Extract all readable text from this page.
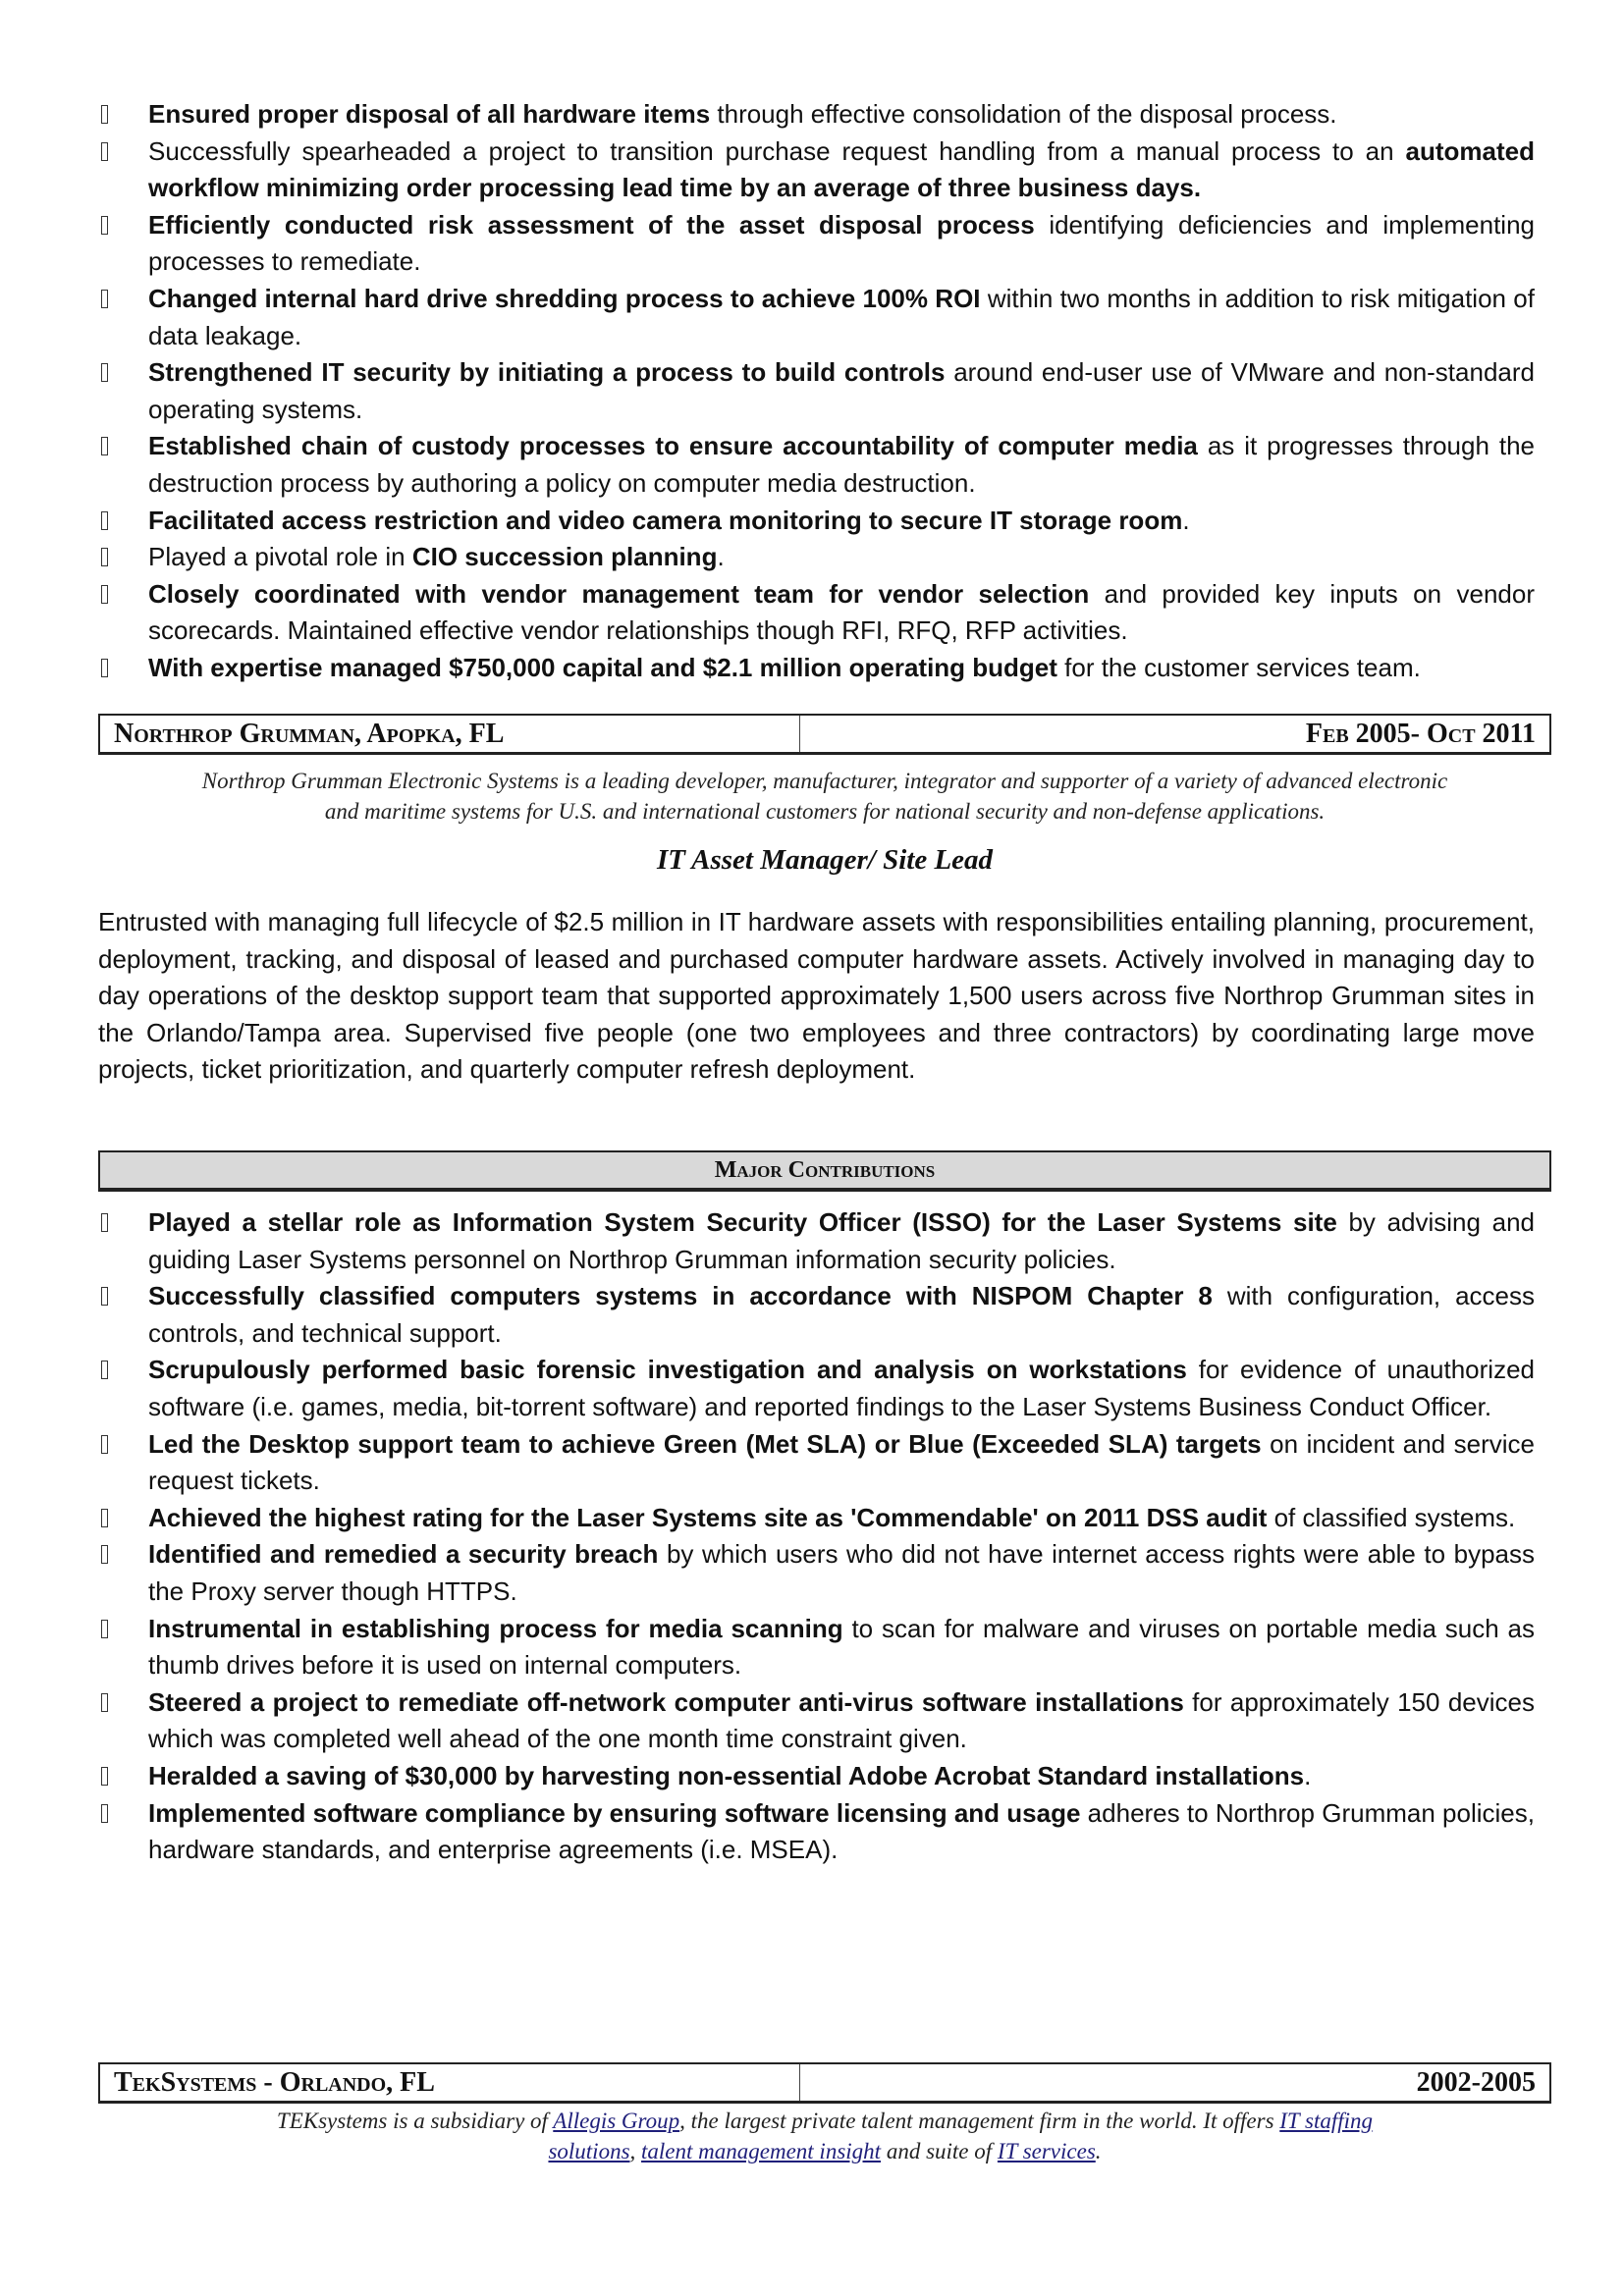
Ensured proper disposal of all hardware items through effective consolidation of the disposal process.
Successfully spearheaded a project to transition purchase request handling from a manual process to an automated workflow minimizing order processing lead time by an average of three business days.
Efficiently conducted risk assessment of the asset disposal process identifying deficiencies and implementing processes to remediate.
Changed internal hard drive shredding process to achieve 100% ROI within two months in addition to risk mitigation of data leakage.
Strengthened IT security by initiating a process to build controls around end-user use of VMware and non-standard operating systems.
Established chain of custody processes to ensure accountability of computer media as it progresses through the destruction process by authoring a policy on computer media destruction.
Facilitated access restriction and video camera monitoring to secure IT storage room.
Played a pivotal role in CIO succession planning.
Closely coordinated with vendor management team for vendor selection and provided key inputs on vendor scorecards. Maintained effective vendor relationships though RFI, RFQ, RFP activities.
With expertise managed $750,000 capital and $2.1 million operating budget for the customer services team.
Northrop Grumman, Apopka, FL	Feb 2005- Oct 2011
Northrop Grumman Electronic Systems is a leading developer, manufacturer, integrator and supporter of a variety of advanced electronic and maritime systems for U.S. and international customers for national security and non-defense applications.
IT Asset Manager/ Site Lead

Entrusted with managing full lifecycle of $2.5 million in IT hardware assets with responsibilities entailing planning, procurement, deployment, tracking, and disposal of leased and purchased computer hardware assets. Actively involved in managing day to day operations of the desktop support team that supported approximately 1,500 users across five Northrop Grumman sites in the Orlando/Tampa area. Supervised five people (one two employees and three contractors) by coordinating large move projects, ticket prioritization, and quarterly computer refresh deployment.

Major Contributions
Played a stellar role as Information System Security Officer (ISSO) for the Laser Systems site by advising and guiding Laser Systems personnel on Northrop Grumman information security policies.
Successfully classified computers systems in accordance with NISPOM Chapter 8 with configuration, access controls, and technical support.
Scrupulously performed basic forensic investigation and analysis on workstations for evidence of unauthorized software (i.e. games, media, bit-torrent software) and reported findings to the Laser Systems Business Conduct Officer.
Led the Desktop support team to achieve Green (Met SLA) or Blue (Exceeded SLA) targets on incident and service request tickets.
Achieved the highest rating for the Laser Systems site as 'Commendable' on 2011 DSS audit of classified systems.
Identified and remedied a security breach by which users who did not have internet access rights were able to bypass the Proxy server though HTTPS.
Instrumental in establishing process for media scanning to scan for malware and viruses on portable media such as thumb drives before it is used on internal computers.
Steered a project to remediate off-network computer anti-virus software installations for approximately 150 devices which was completed well ahead of the one month time constraint given.
Heralded a saving of $30,000 by harvesting non-essential Adobe Acrobat Standard installations.
Implemented software compliance by ensuring software licensing and usage adheres to Northrop Grumman policies, hardware standards, and enterprise agreements (i.e. MSEA).
TekSystems - Orlando, FL	2002-2005
TEKsystems is a subsidiary of Allegis Group, the largest private talent management firm in the world. It offers IT staffing solutions, talent management insight and suite of IT services.
